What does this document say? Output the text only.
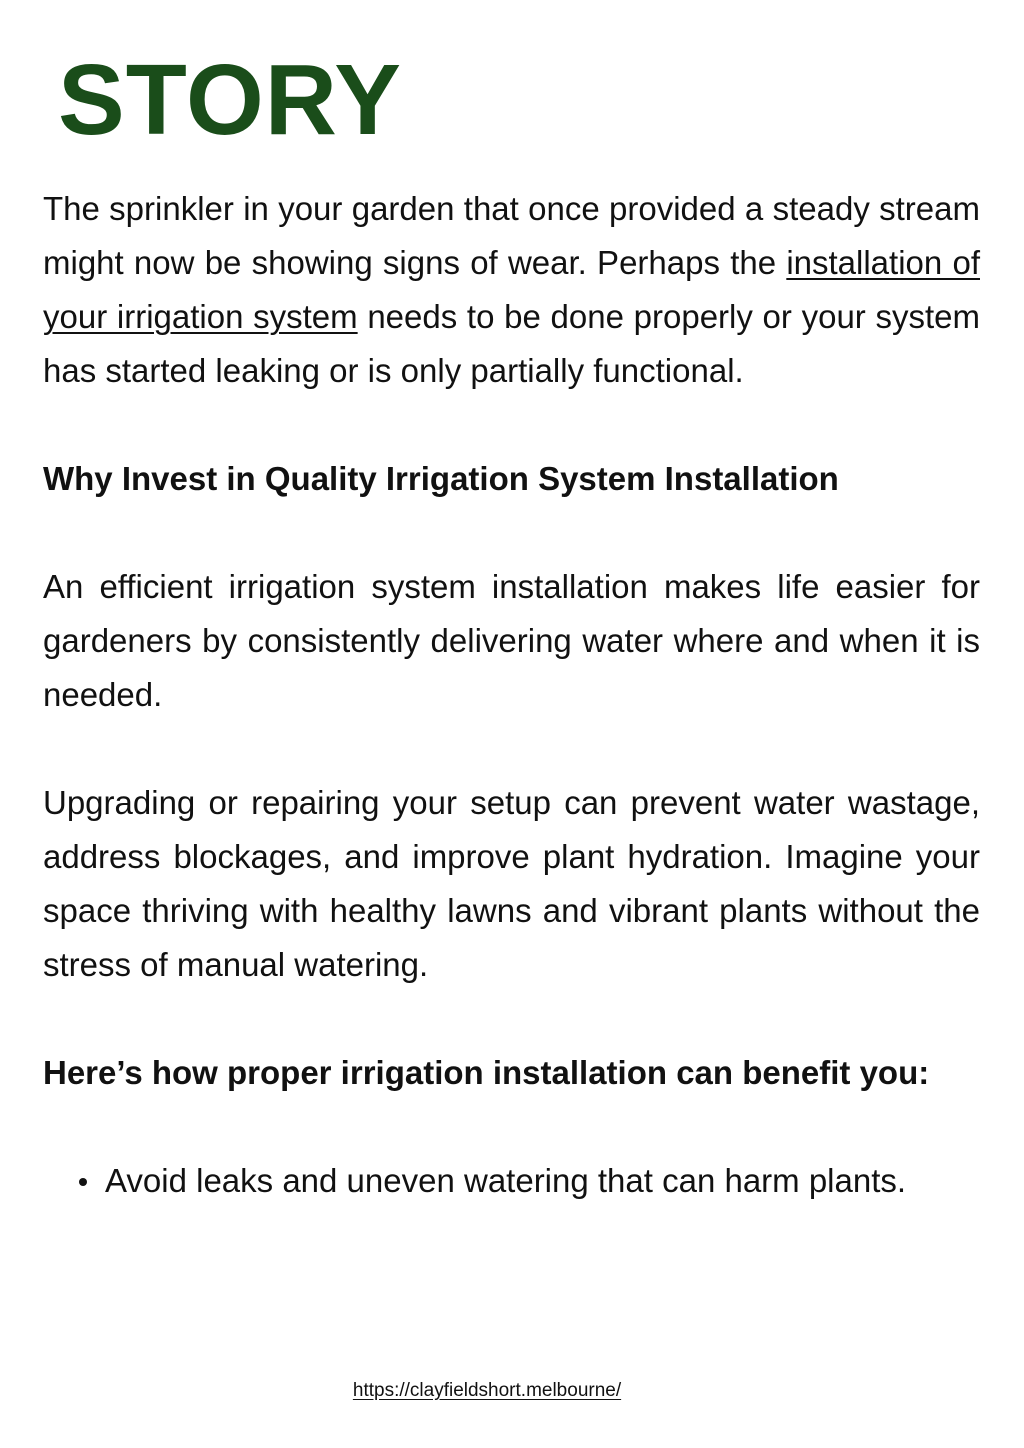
STORY

The sprinkler in your garden that once provided a steady stream might now be showing signs of wear. Perhaps the installation of your irrigation system needs to be done properly or your system has started leaking or is only partially functional.

Why Invest in Quality Irrigation System Installation

An efficient irrigation system installation makes life easier for gardeners by consistently delivering water where and when it is needed.

Upgrading or repairing your setup can prevent water wastage, address blockages, and improve plant hydration. Imagine your space thriving with healthy lawns and vibrant plants without the stress of manual watering.

Here’s how proper irrigation installation can benefit you:

Avoid leaks and uneven watering that can harm plants.
https://clayfieldshort.melbourne/
